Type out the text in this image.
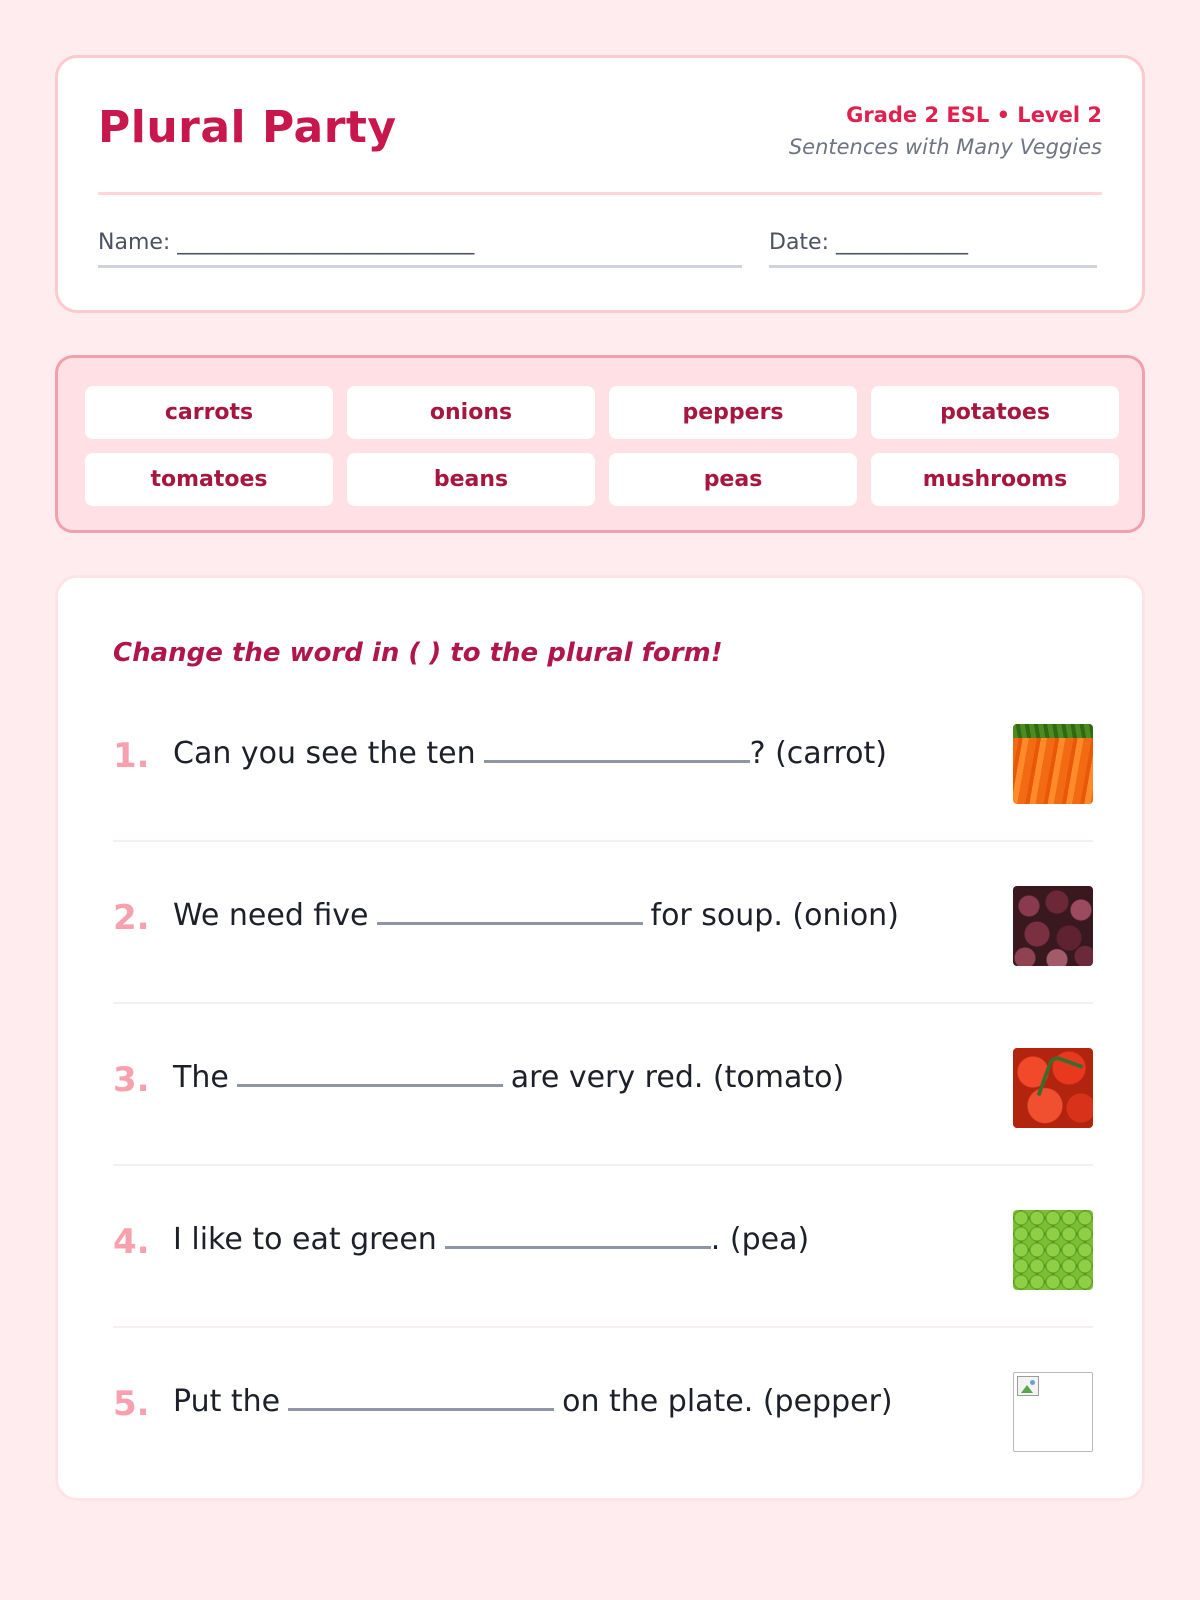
Plural Party	Grade 2 ESL • Level 2
Sentences with Many Veggies
Name: ___________________________	Date: ____________
carrots	onions	peppers	potatoes
tomatoes	beans	peas	mushrooms
Change the word in ( ) to the plural form!
1. Can you see the ten	? (carrot)
2. We need five	for soup. (onion)
3. The	are very red. (tomato)
4. I like to eat green	. (pea)
5. Put the	on the plate. (pepper)
